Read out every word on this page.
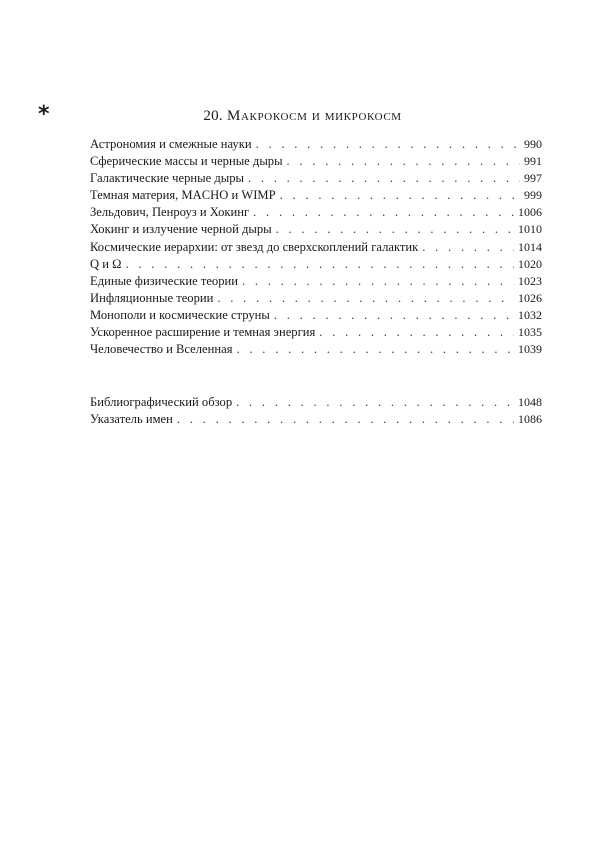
*	20. Макрокосм и микрокосм
Астрономия и смежные науки . . .	990
Сферические массы и черные дыры . . .	991
Галактические черные дыры . . .	997
Темная материя, MACHO и WIMP . . .	999
Зельдович, Пенроуз и Хокинг . . .	1006
Хокинг и излучение черной дыры . . .	1010
Космические иерархии: от звезд до сверхскоплений галактик . . .	1014
Q и Ω . . .	1020
Единые физические теории . . .	1023
Инфляционные теории . . .	1026
Монополи и космические струны . . .	1032
Ускоренное расширение и темная энергия . . .	1035
Человечество и Вселенная . . .	1039
Библиографический обзор . . .	1048
Указатель имен . . .	1086
